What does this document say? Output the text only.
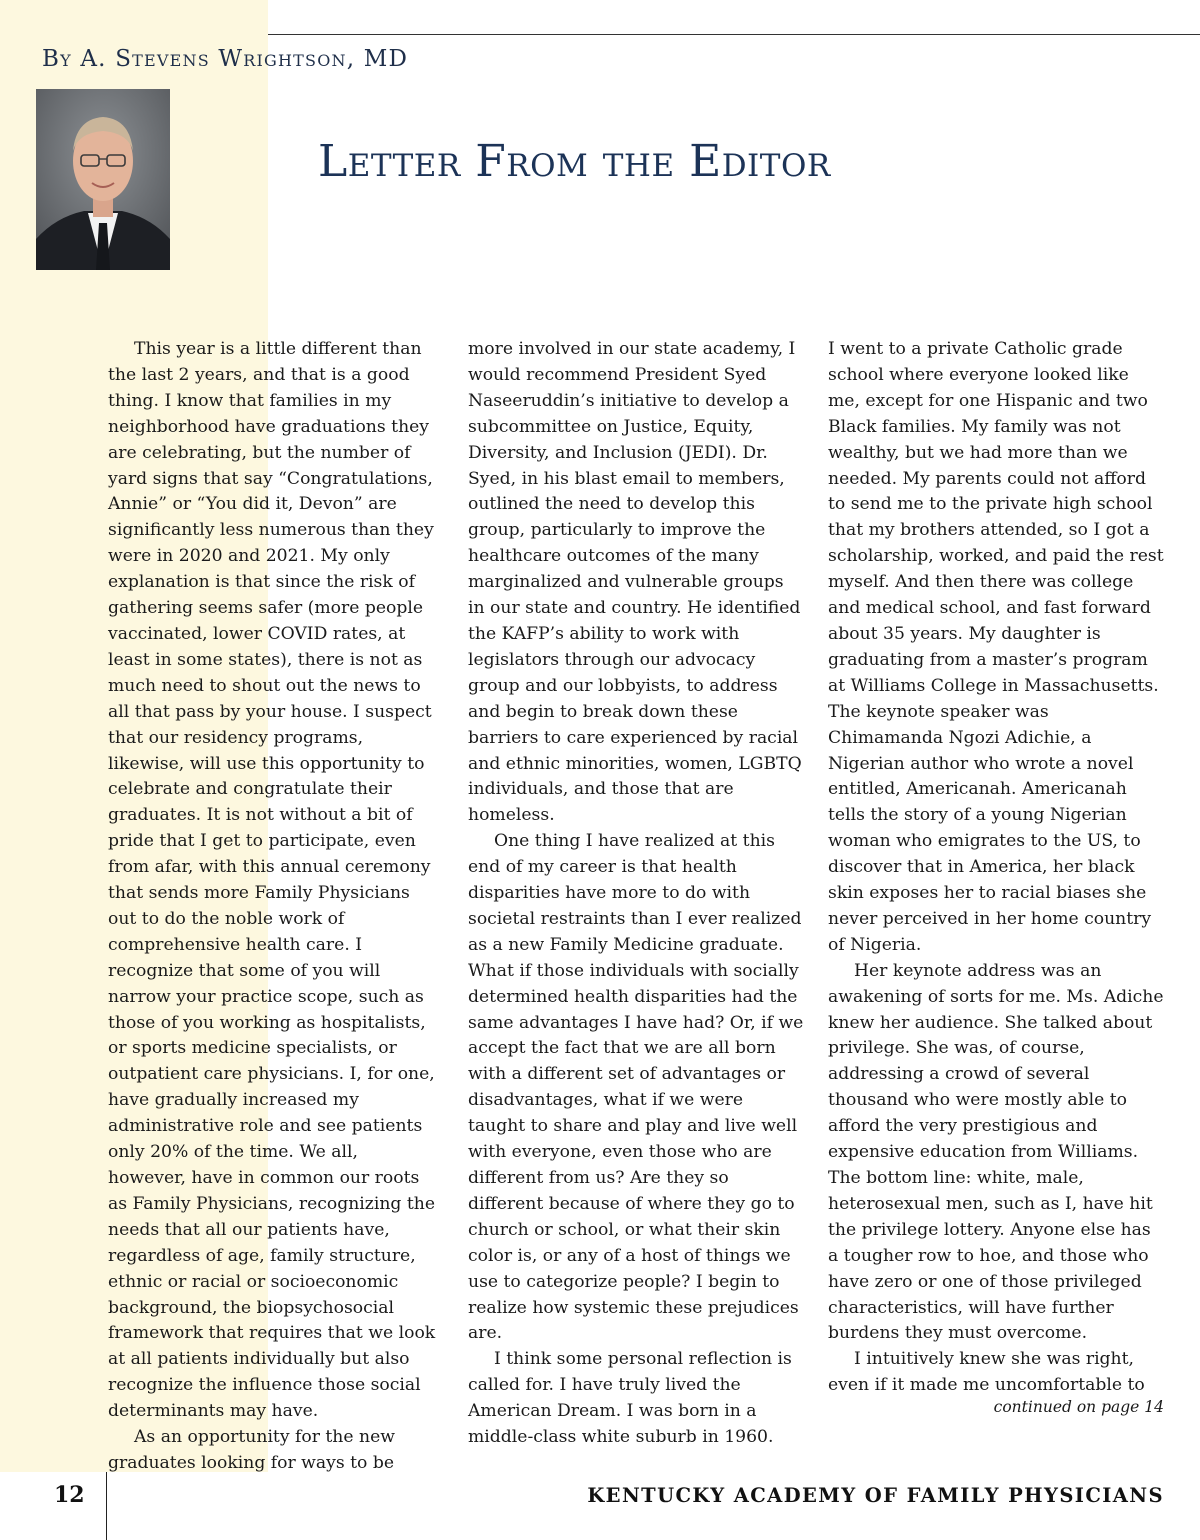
By A. Stevens Wrightson, MD
Letter From the Editor

This year is a little different than the last 2 years, and that is a good thing. I know that families in my neighborhood have graduations they are celebrating, but the number of yard signs that say “Congratulations, Annie” or “You did it, Devon” are significantly less numerous than they were in 2020 and 2021. My only explanation is that since the risk of gathering seems safer (more people vaccinated, lower COVID rates, at least in some states), there is not as much need to shout out the news to all that pass by your house. I suspect that our residency programs, likewise, will use this opportunity to celebrate and congratulate their graduates. It is not without a bit of pride that I get to participate, even from afar, with this annual ceremony that sends more Family Physicians out to do the noble work of comprehensive health care. I recognize that some of you will narrow your practice scope, such as those of you working as hospitalists, or sports medicine specialists, or outpatient care physicians. I, for one, have gradually increased my administrative role and see patients only 20% of the time. We all, however, have in common our roots as Family Physicians, recognizing the needs that all our patients have, regardless of age, family structure, ethnic or racial or socioeconomic background, the biopsychosocial framework that requires that we look at all patients individually but also recognize the influence those social determinants may have.

As an opportunity for the new graduates looking for ways to be

more involved in our state academy, I would recommend President Syed Naseeruddin’s initiative to develop a subcommittee on Justice, Equity, Diversity, and Inclusion (JEDI). Dr. Syed, in his blast email to members, outlined the need to develop this group, particularly to improve the healthcare outcomes of the many marginalized and vulnerable groups in our state and country. He identified the KAFP’s ability to work with legislators through our advocacy group and our lobbyists, to address and begin to break down these barriers to care experienced by racial and ethnic minorities, women, LGBTQ individuals, and those that are homeless.

One thing I have realized at this end of my career is that health disparities have more to do with societal restraints than I ever realized as a new Family Medicine graduate. What if those individuals with socially determined health disparities had the same advantages I have had? Or, if we accept the fact that we are all born with a different set of advantages or disadvantages, what if we were taught to share and play and live well with everyone, even those who are different from us? Are they so different because of where they go to church or school, or what their skin color is, or any of a host of things we use to categorize people? I begin to realize how systemic these prejudices are.

I think some personal reflection is called for. I have truly lived the American Dream. I was born in a middle-class white suburb in 1960.

I went to a private Catholic grade school where everyone looked like me, except for one Hispanic and two Black families. My family was not wealthy, but we had more than we needed. My parents could not afford to send me to the private high school that my brothers attended, so I got a scholarship, worked, and paid the rest myself. And then there was college and medical school, and fast forward about 35 years. My daughter is graduating from a master’s program at Williams College in Massachusetts. The keynote speaker was Chimamanda Ngozi Adichie, a Nigerian author who wrote a novel entitled, Americanah. Americanah tells the story of a young Nigerian woman who emigrates to the US, to discover that in America, her black skin exposes her to racial biases she never perceived in her home country of Nigeria.

Her keynote address was an awakening of sorts for me. Ms. Adiche knew her audience. She talked about privilege. She was, of course, addressing a crowd of several thousand who were mostly able to afford the very prestigious and expensive education from Williams. The bottom line: white, male, heterosexual men, such as I, have hit the privilege lottery. Anyone else has a tougher row to hoe, and those who have zero or one of those privileged characteristics, will have further burdens they must overcome.

I intuitively knew she was right, even if it made me uncomfortable to

continued on page 14
12	KENTUCKY ACADEMY OF FAMILY PHYSICIANS
